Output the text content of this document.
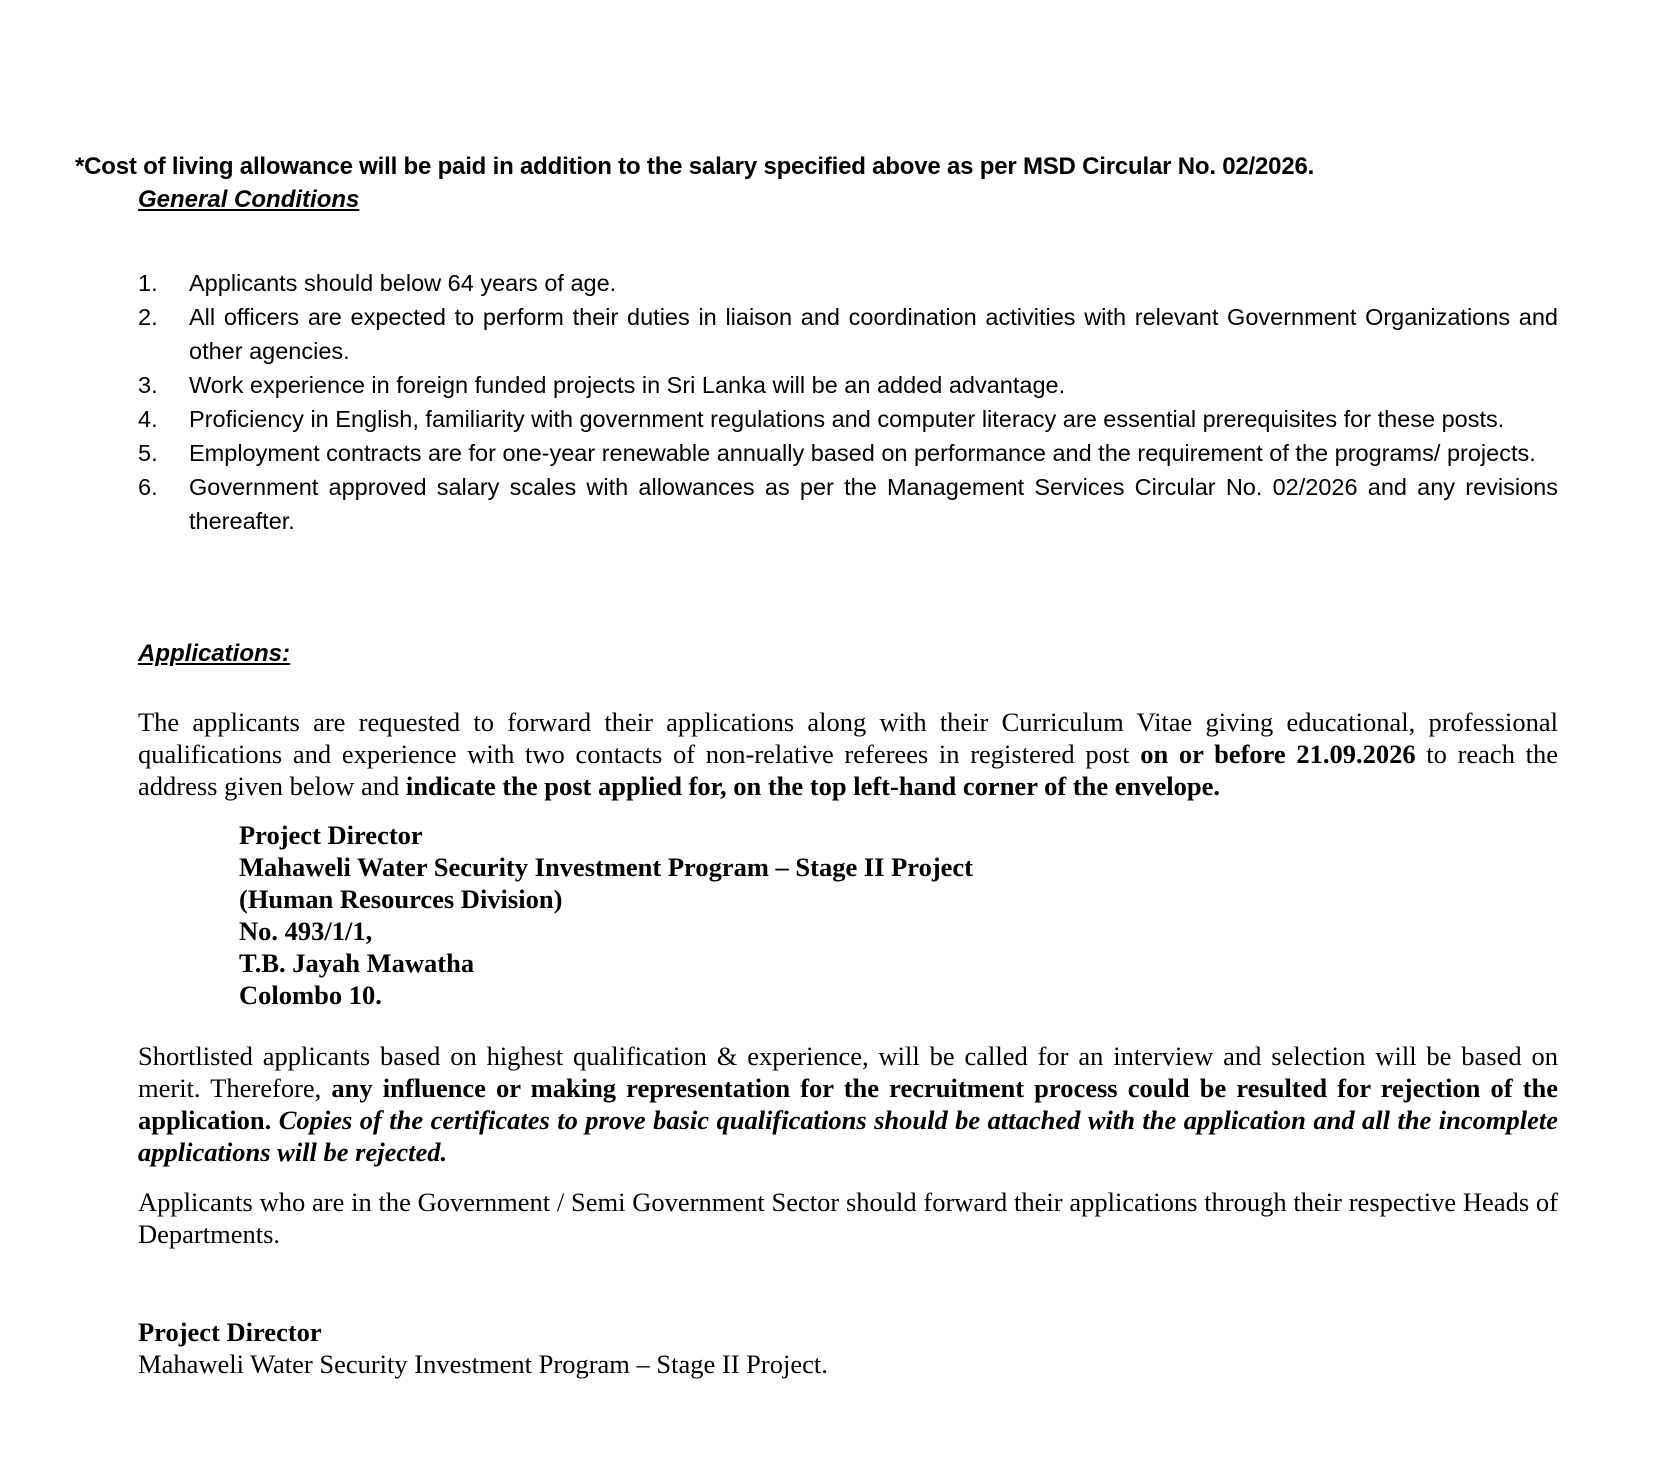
*Cost of living allowance will be paid in addition to the salary specified above as per MSD Circular No. 02/2026.
General Conditions
1.	Applicants should below 64 years of age.
2.	All officers are expected to perform their duties in liaison and coordination activities with relevant Government Organizations and other agencies.
3.	Work experience in foreign funded projects in Sri Lanka will be an added advantage.
4.	Proficiency in English, familiarity with government regulations and computer literacy are essential prerequisites for these posts.
5.	Employment contracts are for one-year renewable annually based on performance and the requirement of the programs/ projects.
6.	Government approved salary scales with allowances as per the Management Services Circular No. 02/2026 and any revisions thereafter.
Applications:
The applicants are requested to forward their applications along with their Curriculum Vitae giving educational, professional qualifications and experience with two contacts of non-relative referees in registered post on or before 21.09.2026 to reach the address given below and indicate the post applied for, on the top left-hand corner of the envelope.
Project Director
Mahaweli Water Security Investment Program – Stage II Project
(Human Resources Division)
No. 493/1/1,
T.B. Jayah Mawatha
Colombo 10.
Shortlisted applicants based on highest qualification & experience, will be called for an interview and selection will be based on merit. Therefore, any influence or making representation for the recruitment process could be resulted for rejection of the application. Copies of the certificates to prove basic qualifications should be attached with the application and all the incomplete applications will be rejected.
Applicants who are in the Government / Semi Government Sector should forward their applications through their respective Heads of Departments.
Project Director
Mahaweli Water Security Investment Program – Stage II Project.
